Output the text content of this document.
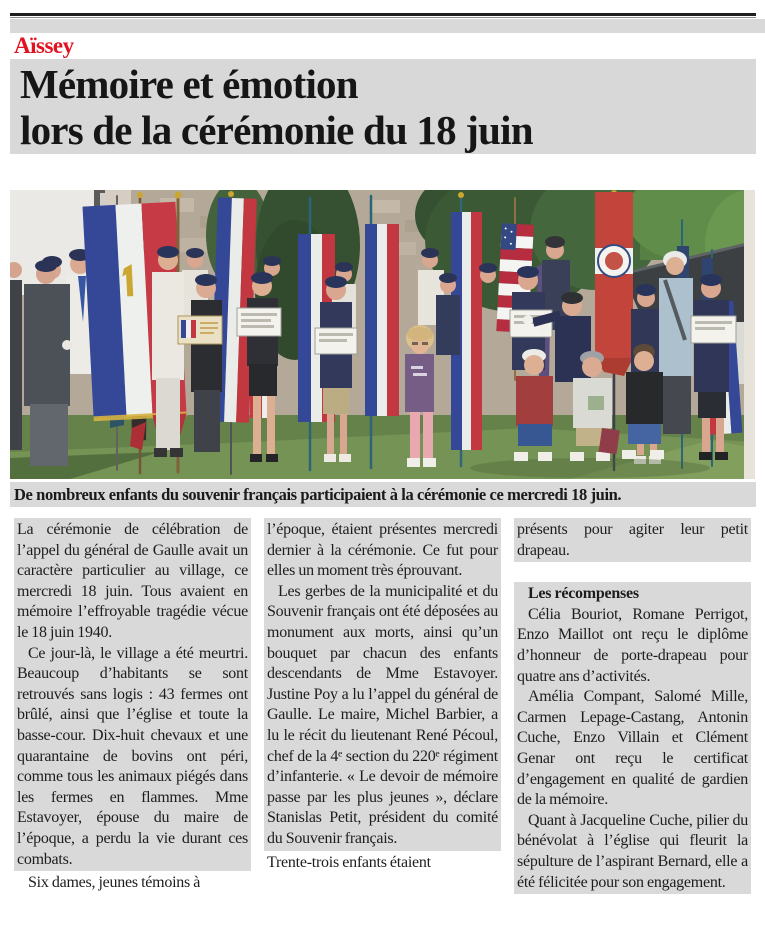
Aïssey
Mémoire et émotion
lors de la cérémonie du 18 juin
De nombreux enfants du souvenir français participaient à la cérémonie ce mercredi 18 juin.

La cérémonie de célébration de l’appel du général de Gaulle avait un caractère particulier au village, ce mercredi 18 juin. Tous avaient en mémoire l’effroyable tragédie vécue le 18 juin 1940.

Ce jour-là, le village a été meurtri. Beaucoup d’habitants se sont retrouvés sans logis : 43 fermes ont brûlé, ainsi que l’église et toute la basse-cour. Dix-huit chevaux et une quarantaine de bovins ont péri, comme tous les animaux piégés dans les fermes en flammes. Mme Estavoyer, épouse du maire de l’époque, a perdu la vie durant ces combats.

Six dames, jeunes témoins à

l’époque, étaient présentes mercredi dernier à la cérémonie. Ce fut pour elles un moment très éprouvant.

Les gerbes de la municipalité et du Souvenir français ont été déposées au monument aux morts, ainsi qu’un bouquet par chacun des enfants descendants de Mme Estavoyer. Justine Poy a lu l’appel du général de Gaulle. Le maire, Michel Barbier, a lu le récit du lieutenant René Pécoul, chef de la 4ᵉ section du 220ᵉ régiment d’infanterie. « Le devoir de mémoire passe par les plus jeunes », déclare Stanislas Petit, président du comité du Souvenir français.

Trente-trois enfants étaient

présents pour agiter leur petit drapeau.

Les récompenses

Célia Bouriot, Romane Perrigot, Enzo Maillot ont reçu le diplôme d’honneur de porte-drapeau pour quatre ans d’activités.

Amélia Compant, Salomé Mille, Carmen Lepage-Castang, Antonin Cuche, Enzo Villain et Clément Genar ont reçu le certificat d’engagement en qualité de gardien de la mémoire.

Quant à Jacqueline Cuche, pilier du bénévolat à l’église qui fleurit la sépulture de l’aspirant Bernard, elle a été félicitée pour son engagement.
